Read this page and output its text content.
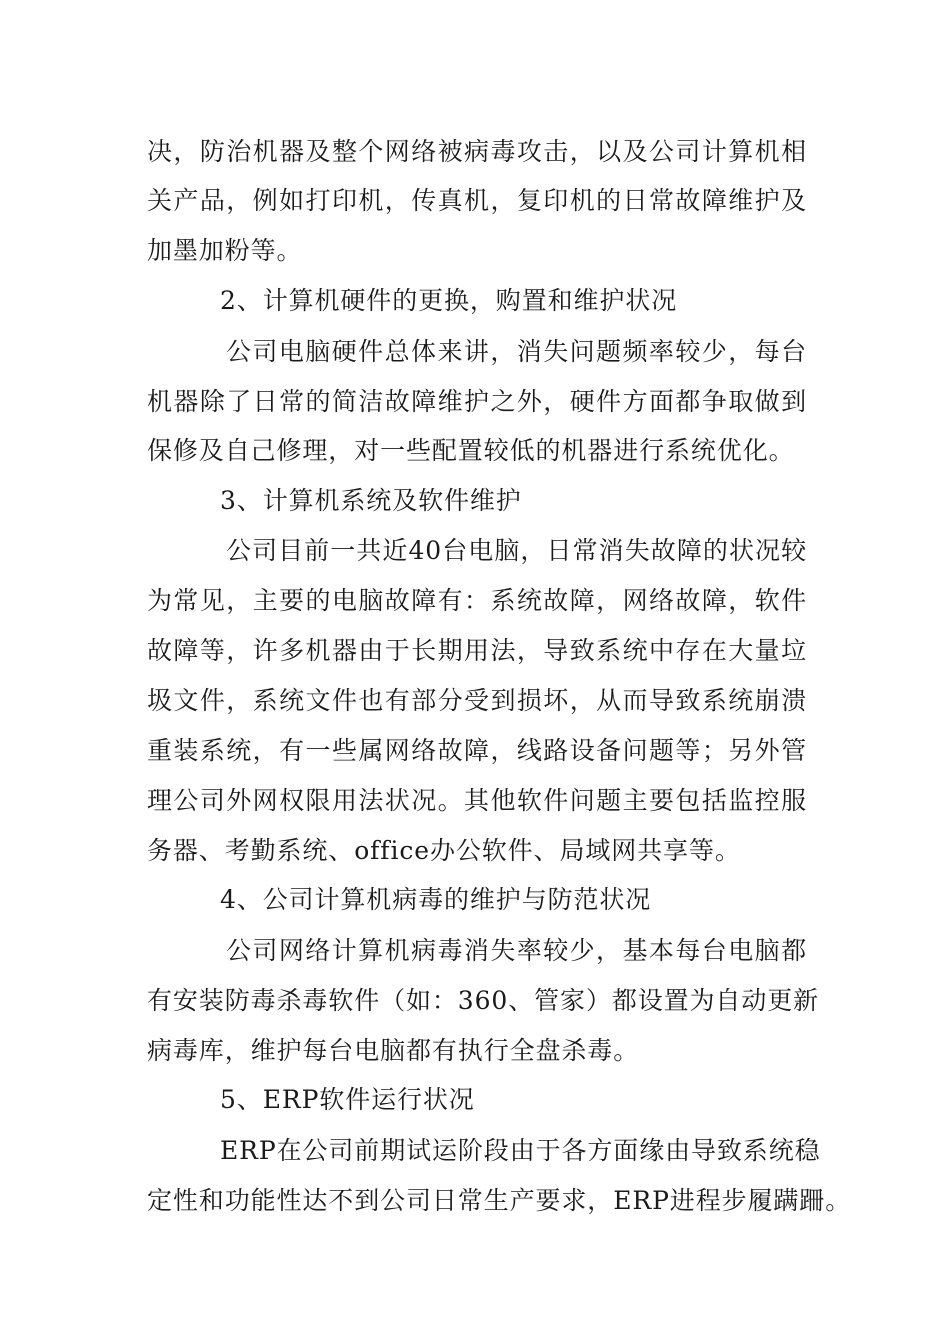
决，防治机器及整个网络被病毒攻击，以及公司计算机相
关产品，例如打印机，传真机，复印机的日常故障维护及
加墨加粉等。
2、计算机硬件的更换，购置和维护状况
公司电脑硬件总体来讲，消失问题频率较少，每台
机器除了日常的简洁故障维护之外，硬件方面都争取做到
保修及自己修理，对一些配置较低的机器进行系统优化。
3、计算机系统及软件维护
公司目前一共近40台电脑，日常消失故障的状况较
为常见，主要的电脑故障有：系统故障，网络故障，软件
故障等，许多机器由于长期用法，导致系统中存在大量垃
圾文件，系统文件也有部分受到损坏，从而导致系统崩溃
重装系统，有一些属网络故障，线路设备问题等；另外管
理公司外网权限用法状况。其他软件问题主要包括监控服
务器、考勤系统、office办公软件、局域网共享等。
4、公司计算机病毒的维护与防范状况
公司网络计算机病毒消失率较少，基本每台电脑都
有安装防毒杀毒软件（如：360、管家）都设置为自动更新
病毒库，维护每台电脑都有执行全盘杀毒。
5、ERP软件运行状况
ERP在公司前期试运阶段由于各方面缘由导致系统稳
定性和功能性达不到公司日常生产要求，ERP进程步履蹒跚。
